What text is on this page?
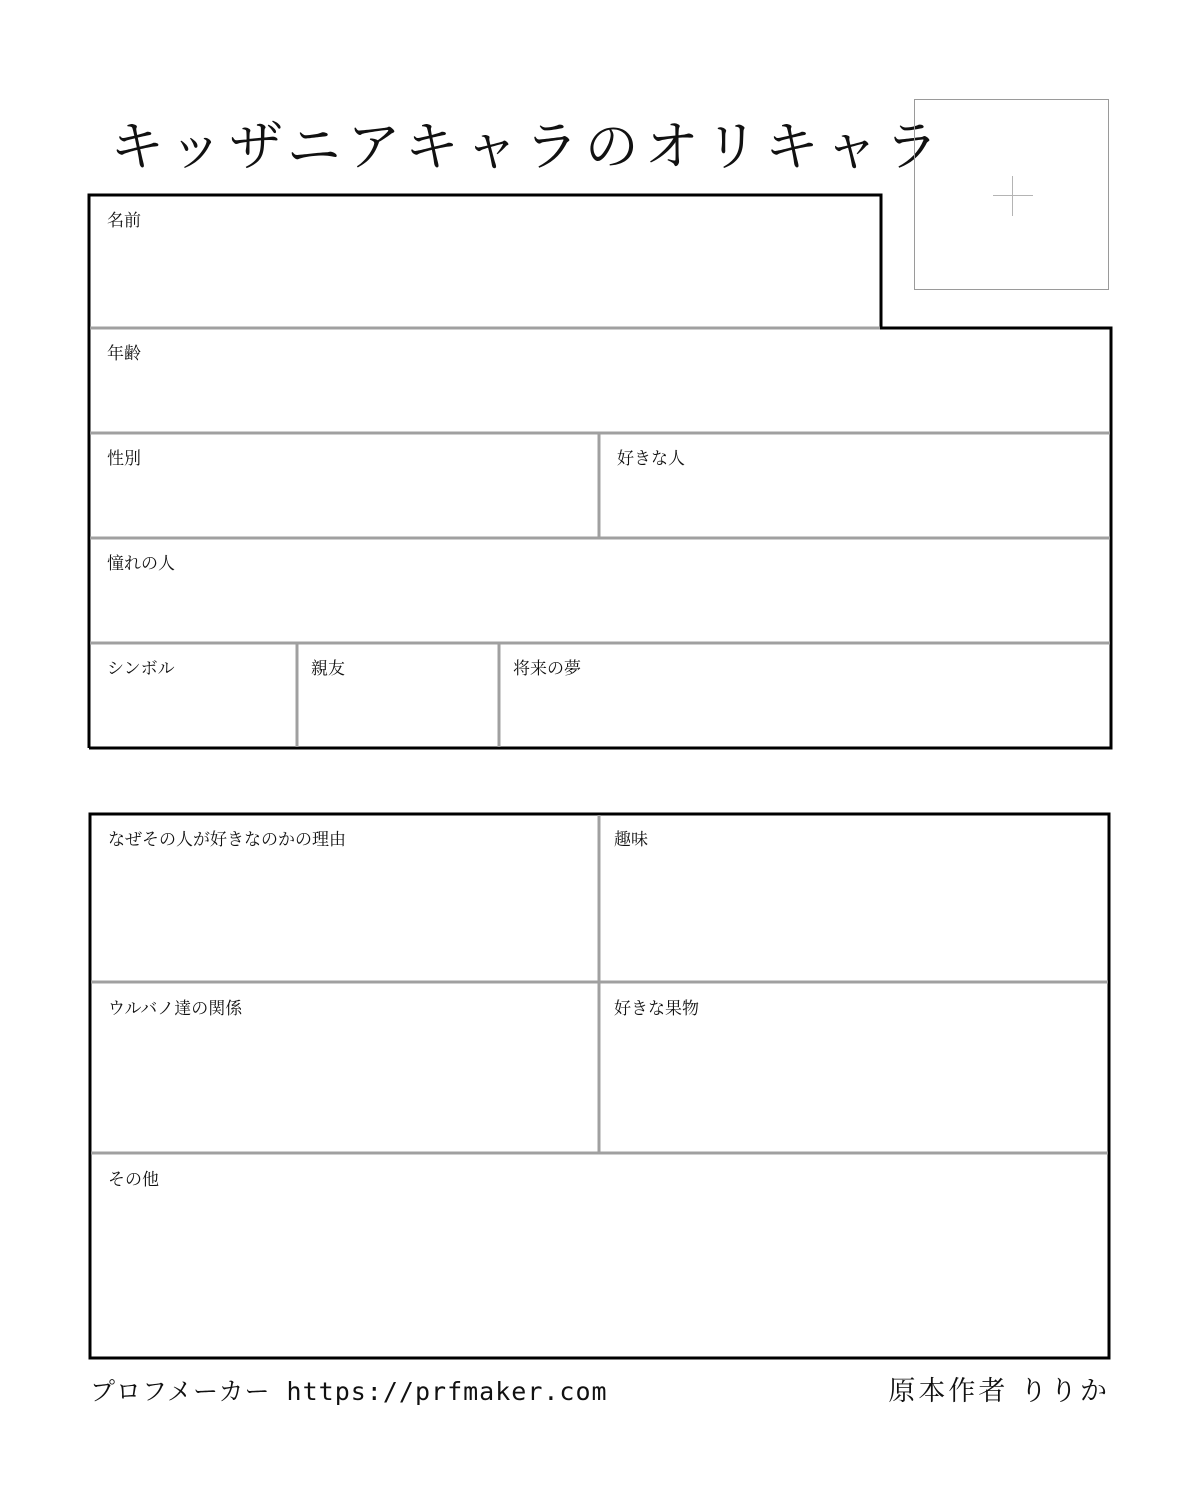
キッザニアキャラのオリキャラ
名前
年齢
性別	好きな人
憧れの人
シンボル	親友	将来の夢
なぜその人が好きなのかの理由	趣味
ウルバノ達の関係	好きな果物
その他
プロフメーカー https://prfmaker.com	原本作者 りりか
